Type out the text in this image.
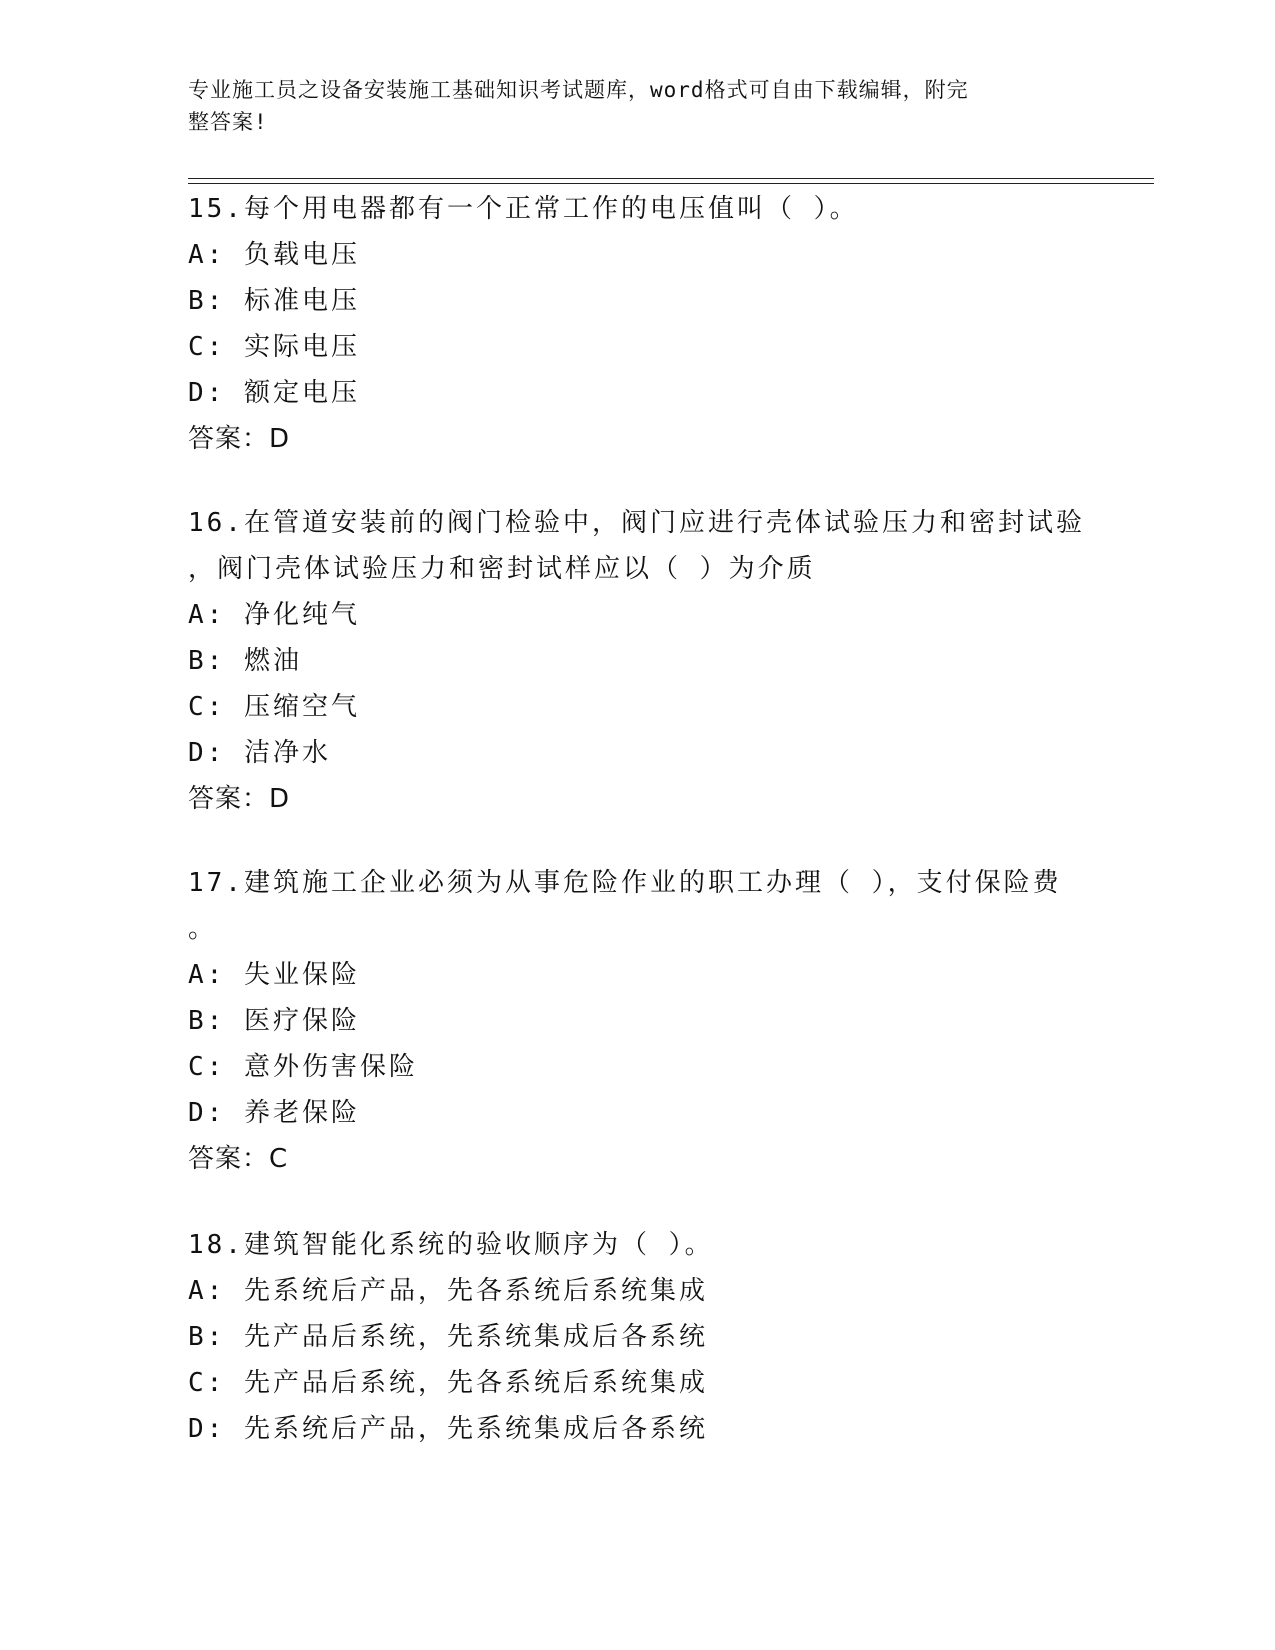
专业施工员之设备安装施工基础知识考试题库，word格式可自由下载编辑，附完
整答案!
15.每个用电器都有一个正常工作的电压值叫（ ）。
A: 负载电压
B: 标准电压
C: 实际电压
D: 额定电压
答案：D
16.在管道安装前的阀门检验中，阀门应进行壳体试验压力和密封试验
，阀门壳体试验压力和密封试样应以（ ）为介质
A: 净化纯气
B: 燃油
C: 压缩空气
D: 洁净水
答案：D
17.建筑施工企业必须为从事危险作业的职工办理（ ），支付保险费
。
A: 失业保险
B: 医疗保险
C: 意外伤害保险
D: 养老保险
答案：C
18.建筑智能化系统的验收顺序为（ ）。
A: 先系统后产品，先各系统后系统集成
B: 先产品后系统，先系统集成后各系统
C: 先产品后系统，先各系统后系统集成
D: 先系统后产品，先系统集成后各系统
